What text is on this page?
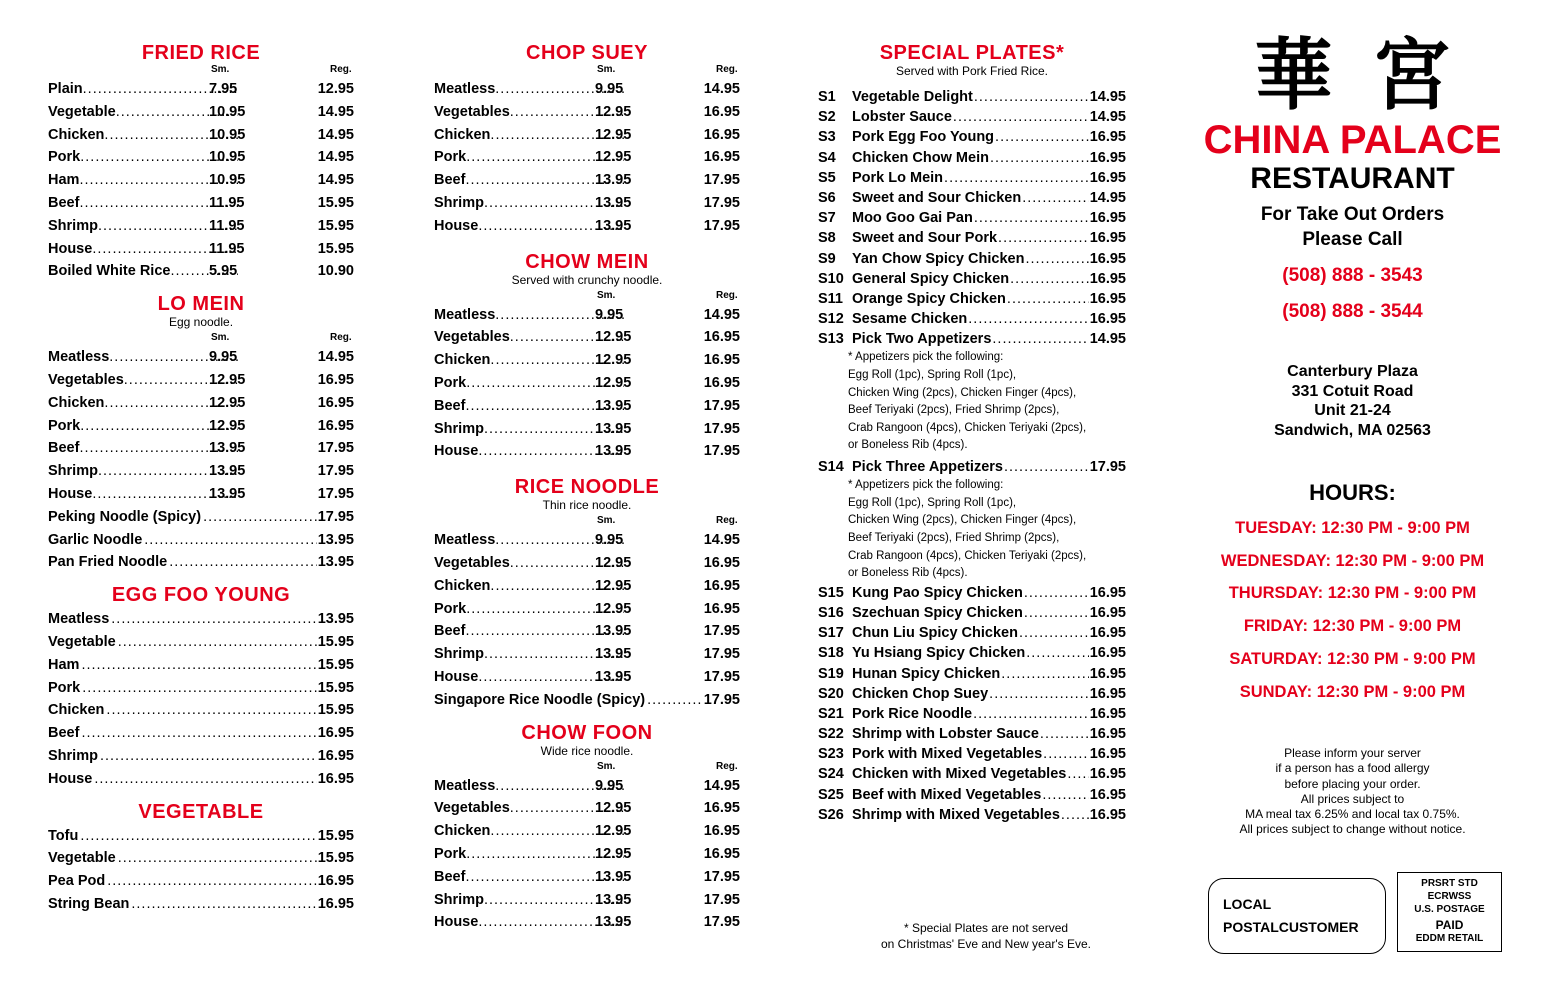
FRIED RICE
Sm.	Reg.
Plain .....	7.95	12.95
Vegetable .....	10.95	14.95
Chicken .....	10.95	14.95
Pork .....	10.95	14.95
Ham .....	10.95	14.95
Beef .....	11.95	15.95
Shrimp .....	11.95	15.95
House .....	11.95	15.95
Boiled White Rice .....	5.95	10.90
LO MEIN
Egg noodle.
Sm.	Reg.
Meatless .....	9.95	14.95
Vegetables .....	12.95	16.95
Chicken .....	12.95	16.95
Pork .....	12.95	16.95
Beef .....	13.95	17.95
Shrimp .....	13.95	17.95
House .....	13.95	17.95
Peking Noodle (Spicy) .....	17.95
Garlic Noodle .....	13.95
Pan Fried Noodle .....	13.95
EGG FOO YOUNG
Meatless .....	13.95
Vegetable .....	15.95
Ham .....	15.95
Pork .....	15.95
Chicken .....	15.95
Beef .....	16.95
Shrimp .....	16.95
House .....	16.95
VEGETABLE
Tofu .....	15.95
Vegetable .....	15.95
Pea Pod .....	16.95
String Bean .....	16.95
CHOP SUEY
Sm.	Reg.
Meatless .....	9.95	14.95
Vegetables .....	12.95	16.95
Chicken .....	12.95	16.95
Pork .....	12.95	16.95
Beef .....	13.95	17.95
Shrimp .....	13.95	17.95
House .....	13.95	17.95
CHOW MEIN
Served with crunchy noodle.
Sm.	Reg.
Meatless .....	9.95	14.95
Vegetables .....	12.95	16.95
Chicken .....	12.95	16.95
Pork .....	12.95	16.95
Beef .....	13.95	17.95
Shrimp .....	13.95	17.95
House .....	13.95	17.95
RICE NOODLE
Thin rice noodle.
Sm.	Reg.
Meatless .....	9.95	14.95
Vegetables .....	12.95	16.95
Chicken .....	12.95	16.95
Pork .....	12.95	16.95
Beef .....	13.95	17.95
Shrimp .....	13.95	17.95
House .....	13.95	17.95
Singapore Rice Noodle (Spicy) .....	17.95
CHOW FOON
Wide rice noodle.
Sm.	Reg.
Meatless .....	9.95	14.95
Vegetables .....	12.95	16.95
Chicken .....	12.95	16.95
Pork .....	12.95	16.95
Beef .....	13.95	17.95
Shrimp .....	13.95	17.95
House .....	13.95	17.95
SPECIAL PLATES*
Served with Pork Fried Rice.
S1	Vegetable Delight .....	14.95
S2	Lobster Sauce .....	14.95
S3	Pork Egg Foo Young .....	16.95
S4	Chicken Chow Mein .....	16.95
S5	Pork Lo Mein .....	16.95
S6	Sweet and Sour Chicken .....	14.95
S7	Moo Goo Gai Pan .....	16.95
S8	Sweet and Sour Pork .....	16.95
S9	Yan Chow Spicy Chicken .....	16.95
S10 General Spicy Chicken .....	16.95
S11 Orange Spicy Chicken .....	16.95
S12 Sesame Chicken .....	16.95
S13 Pick Two Appetizers .....	14.95
* Appetizers pick the following:
Egg Roll (1pc), Spring Roll (1pc),
Chicken Wing (2pcs), Chicken Finger (4pcs),
Beef Teriyaki (2pcs), Fried Shrimp (2pcs),
Crab Rangoon (4pcs), Chicken Teriyaki (2pcs),
or Boneless Rib (4pcs).
S14 Pick Three Appetizers .....	17.95
* Appetizers pick the following:
Egg Roll (1pc), Spring Roll (1pc),
Chicken Wing (2pcs), Chicken Finger (4pcs),
Beef Teriyaki (2pcs), Fried Shrimp (2pcs),
Crab Rangoon (4pcs), Chicken Teriyaki (2pcs),
or Boneless Rib (4pcs).
S15 Kung Pao Spicy Chicken .....	16.95
S16 Szechuan Spicy Chicken .....	16.95
S17 Chun Liu Spicy Chicken .....	16.95
S18 Yu Hsiang Spicy Chicken .....	16.95
S19 Hunan Spicy Chicken .....	16.95
S20 Chicken Chop Suey .....	16.95
S21 Pork Rice Noodle .....	16.95
S22 Shrimp with Lobster Sauce .....	16.95
S23 Pork with Mixed Vegetables .....	16.95
S24 Chicken with Mixed Vegetables ..... 16.95
S25 Beef with Mixed Vegetables .....	16.95
S26 Shrimp with Mixed Vegetables ..... 16.95
* Special Plates are not served
on Christmas' Eve and New year's Eve.
華宮
CHINA PALACE
RESTAURANT
For Take Out Orders
Please Call
(508) 888 - 3543
(508) 888 - 3544
Canterbury Plaza
331 Cotuit Road
Unit 21-24
Sandwich, MA 02563
HOURS:
TUESDAY: 12:30 PM - 9:00 PM
WEDNESDAY: 12:30 PM - 9:00 PM
THURSDAY: 12:30 PM - 9:00 PM
FRIDAY: 12:30 PM - 9:00 PM
SATURDAY: 12:30 PM - 9:00 PM
SUNDAY: 12:30 PM - 9:00 PM
Please inform your server
if a person has a food allergy
before placing your order.
All prices subject to
MA meal tax 6.25% and local tax 0.75%.
All prices subject to change without notice.
LOCAL
POSTALCUSTOMER
PRSRT STD
ECRWSS
U.S. POSTAGE
PAID
EDDM RETAIL
